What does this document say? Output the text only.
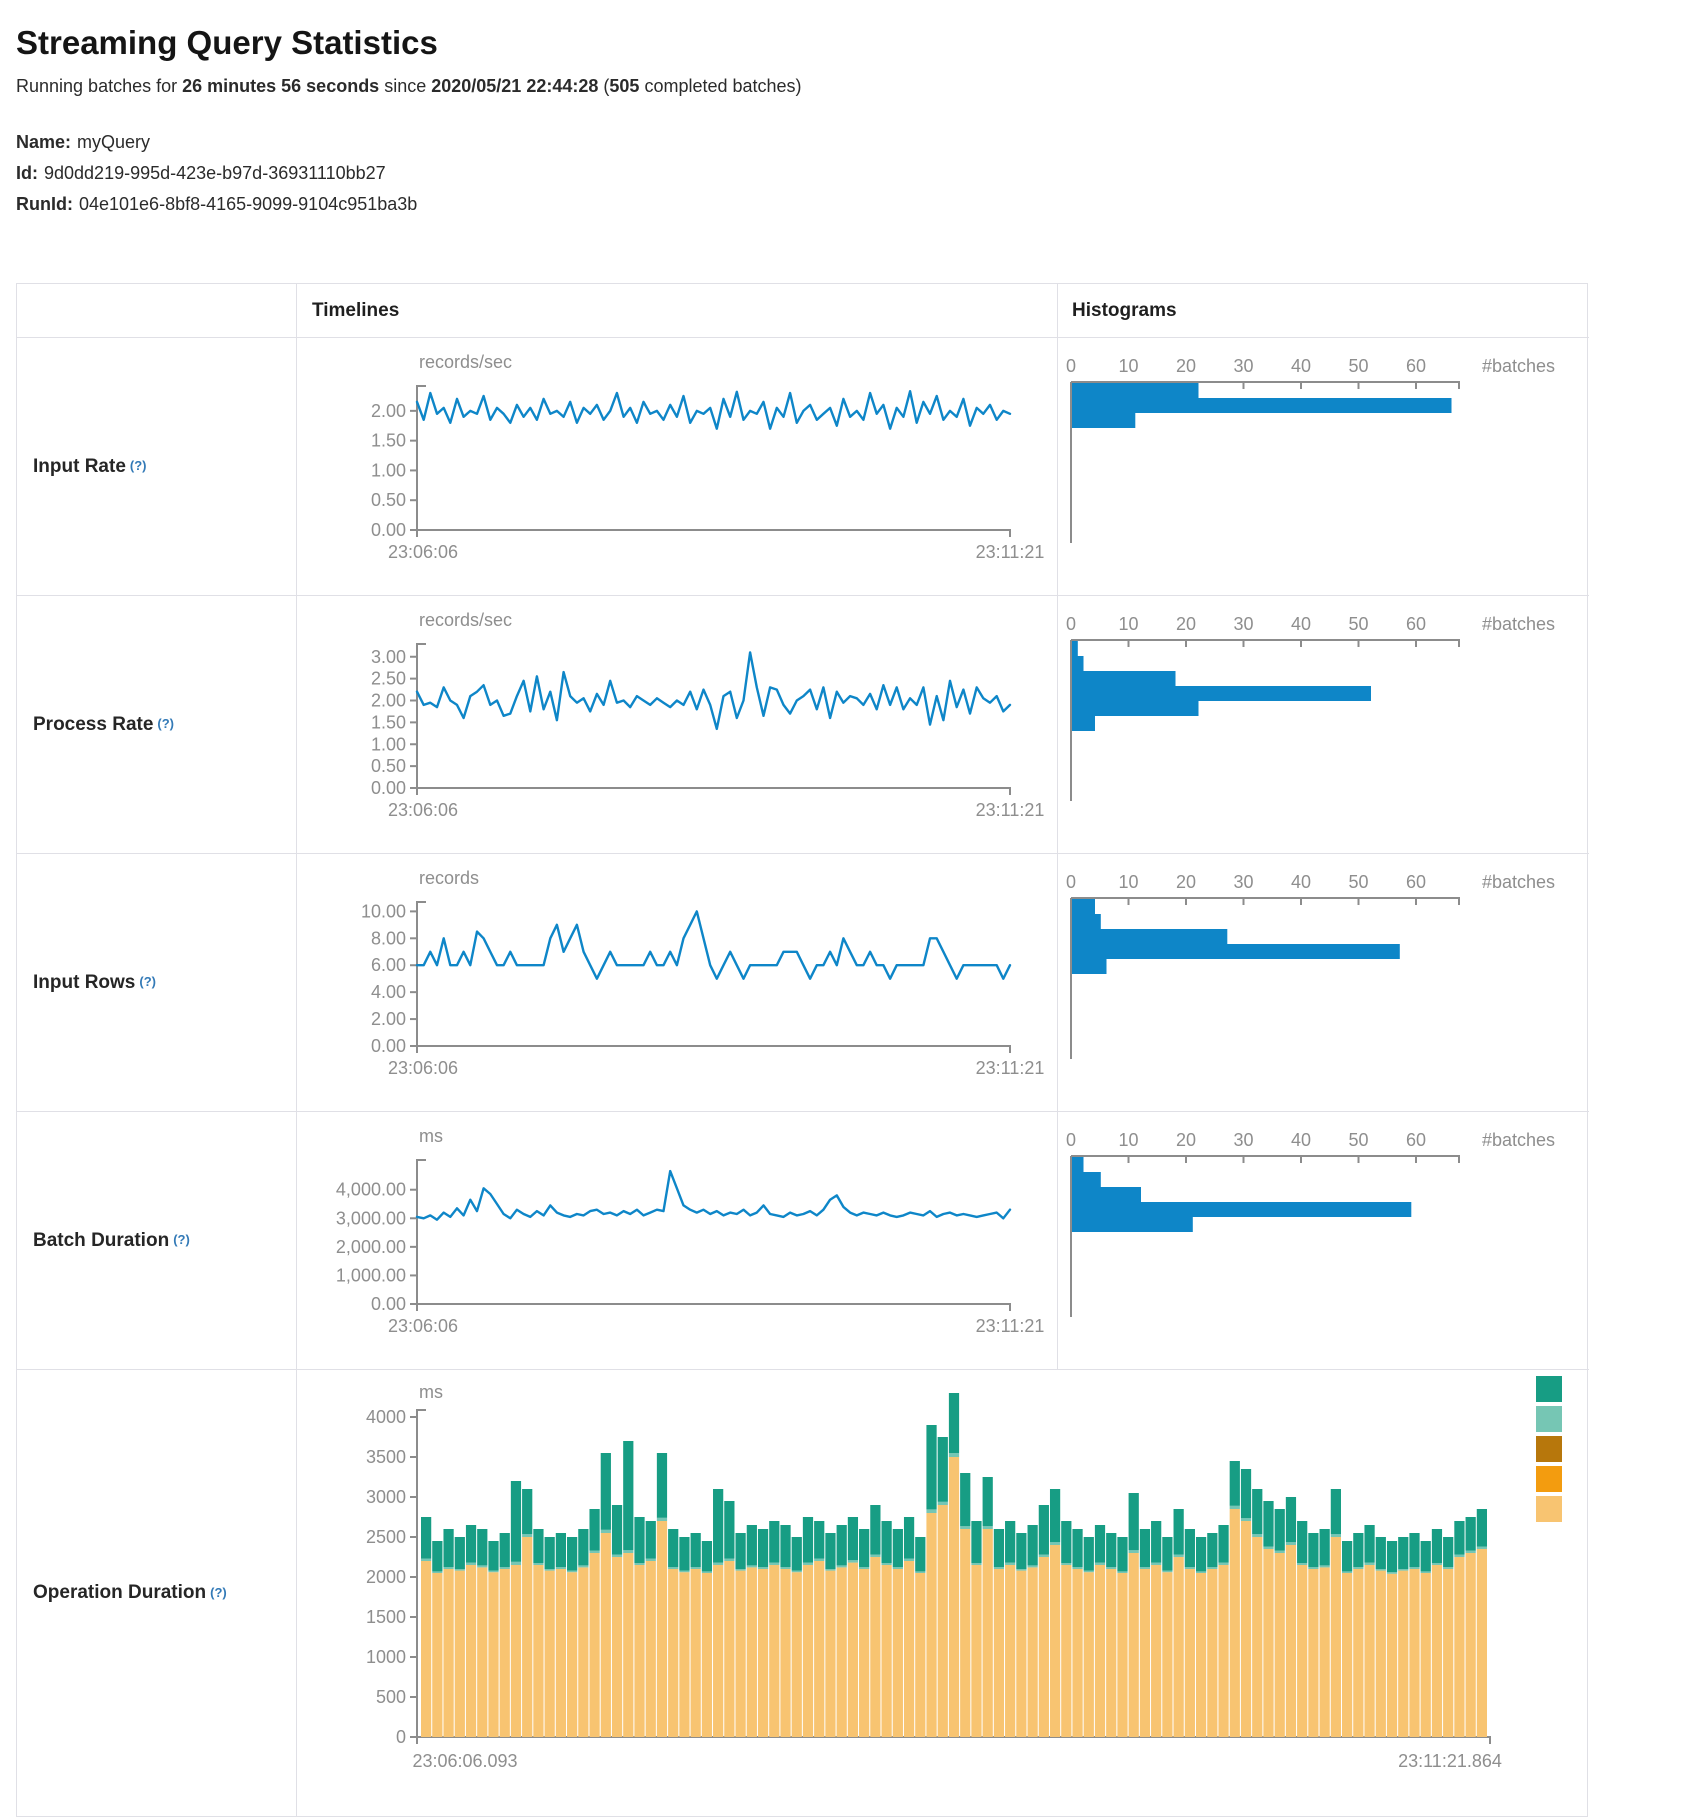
Streaming Query Statistics

Running batches for 26 minutes 56 seconds since 2020/05/21 22:44:28 (505 completed batches)

Name: myQuery
Id: 9d0dd219-995d-423e-b97d-36931110bb27
RunId: 04e101e6-8bf8-4165-9099-9104c951ba3b
Timelines	Histograms
Input Rate (?)
records/sec
0.00
0.50
1.00
1.50
2.00
23:06:06	23:11:21
0 10 20 30 40 50 60	#batches
Process Rate (?)
records/sec
0.00
0.50
1.00
1.50
2.00
2.50
3.00
23:06:06	23:11:21
0 10 20 30 40 50 60	#batches
Input Rows (?)
records
0.00
2.00
4.00
6.00
8.00
10.00
23:06:06	23:11:21
0 10 20 30 40 50 60	#batches
Batch Duration (?)
ms
0.00
1,000.00
2,000.00
3,000.00
4,000.00
23:06:06	23:11:21
0 10 20 30 40 50 60	#batches
Operation Duration (?)
ms
0
500
1000
1500
2000
2500
3000
3500
4000
23:06:06.093	23:11:21.864
